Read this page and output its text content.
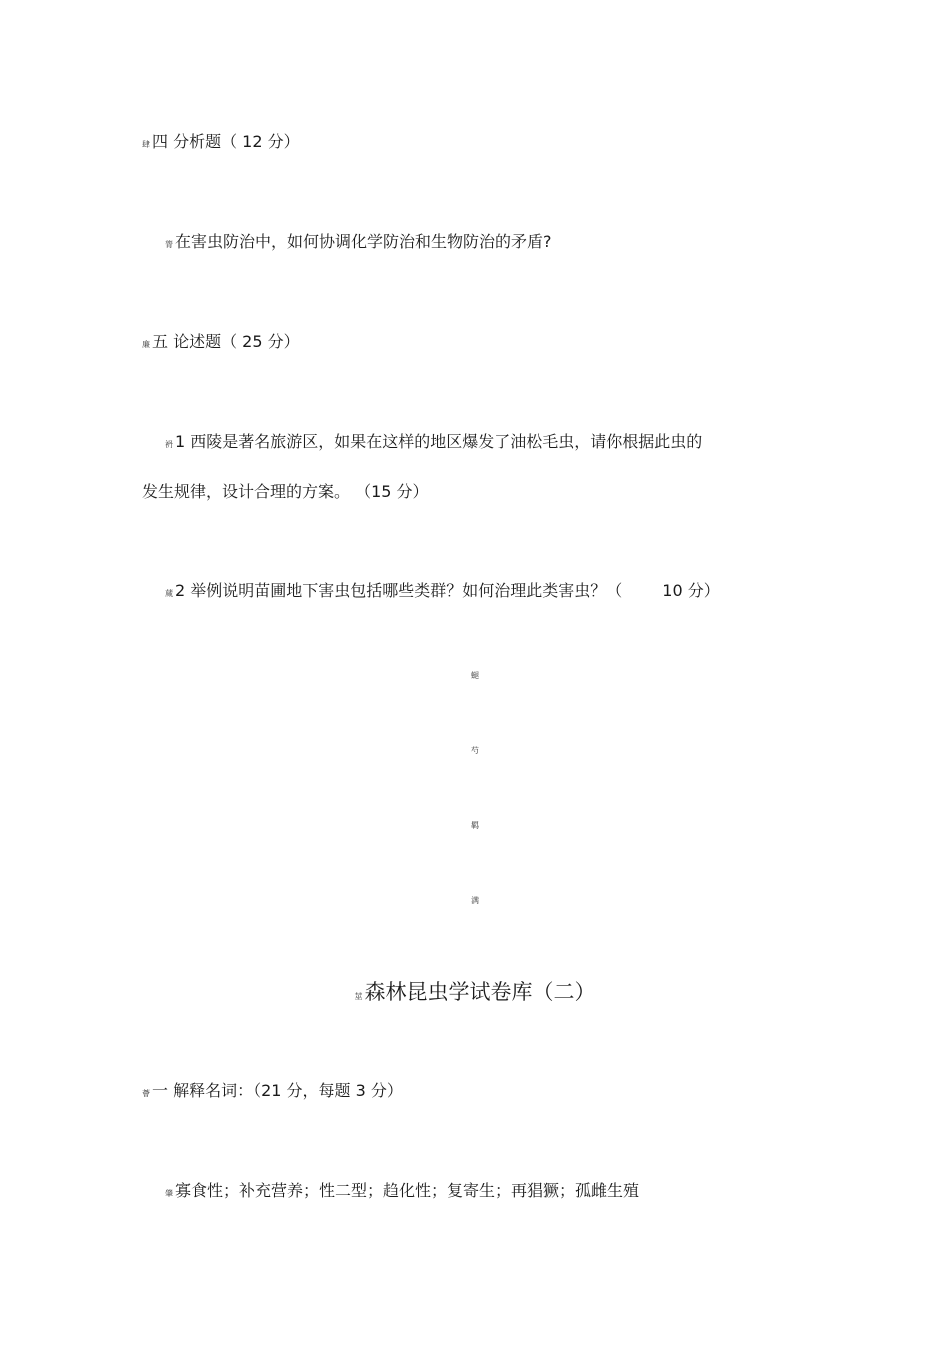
肆 四 分析题（ 12 分）
膂 在害虫防治中，如何协调化学防治和生物防治的矛盾?
廉 五 论述题（ 25 分）
袇 1 西陵是著名旅游区，如果在这样的地区爆发了油松毛虫，请你根据此虫的
发生规律，设计合理的方案。 （15 分）
蒇 2 举例说明苗圃地下害虫包括哪些类群？如何治理此类害虫？（	10 分）
螁
芍
羁
满
莁森林昆虫学试卷库（二）
薈 一 解释名词：（21 分，每题 3 分）
肇 寡食性；补充营养；性二型；趋化性；复寄生；再猖獗；孤雌生殖
